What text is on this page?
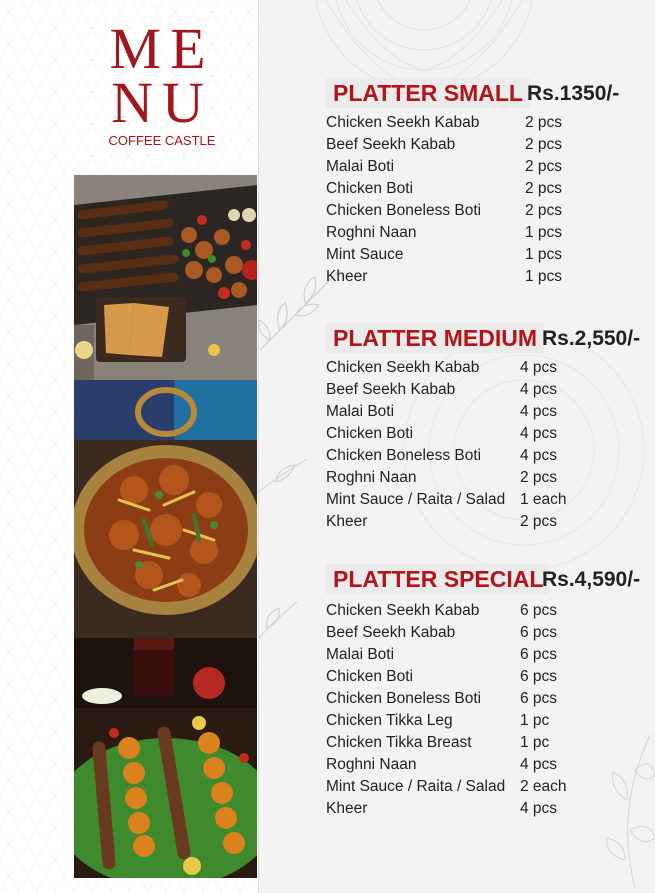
ME
NU
COFFEE CASTLE
PLATTER SMALL Rs.1350/-
Chicken Seekh Kabab	2 pcs
Beef Seekh Kabab	2 pcs
Malai Boti	2 pcs
Chicken Boti	2 pcs
Chicken Boneless Boti	2 pcs
Roghni Naan	1 pcs
Mint Sauce	1 pcs
Kheer	1 pcs
PLATTER MEDIUM Rs.2,550/-
Chicken Seekh Kabab	4 pcs
Beef Seekh Kabab	4 pcs
Malai Boti	4 pcs
Chicken Boti	4 pcs
Chicken Boneless Boti	4 pcs
Roghni Naan	2 pcs
Mint Sauce / Raita / Salad 1 each
Kheer	2 pcs
PLATTER SPECIAL
Rs.4,590/-
Chicken Seekh Kabab	6 pcs
Beef Seekh Kabab	6 pcs
Malai Boti	6 pcs
Chicken Boti	6 pcs
Chicken Boneless Boti	6 pcs
Chicken Tikka Leg	1 pc
Chicken Tikka Breast	1 pc
Roghni Naan	4 pcs
Mint Sauce / Raita / Salad 2 each
Kheer	4 pcs
